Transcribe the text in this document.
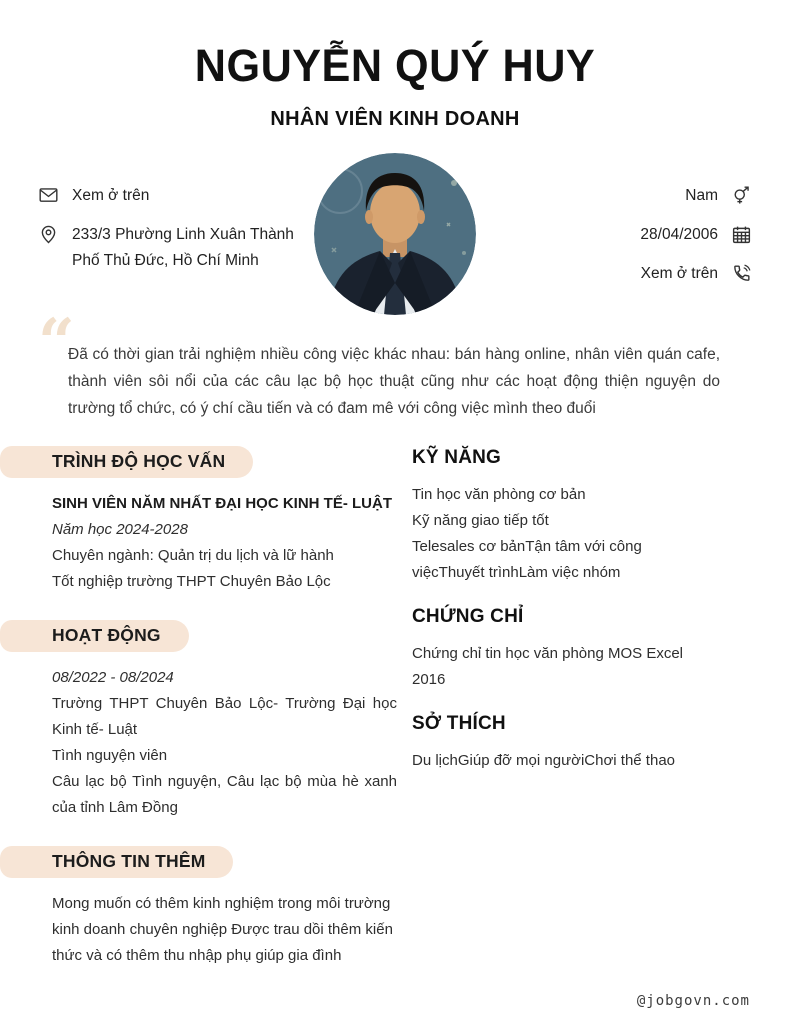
NGUYỄN QUÝ HUY
NHÂN VIÊN KINH DOANH
Xem ở trên
233/3 Phường Linh Xuân Thành Phố Thủ Đức, Hồ Chí Minh
Nam
28/04/2006
Xem ở trên
“

Đã có thời gian trải nghiệm nhiều công việc khác nhau: bán hàng online, nhân viên quán cafe, thành viên sôi nổi của các câu lạc bộ học thuật cũng như các hoạt động thiện nguyện do trường tổ chức, có ý chí cầu tiến và có đam mê với công việc mình theo đuổi

TRÌNH ĐỘ HỌC VẤN
SINH VIÊN NĂM NHẤT ĐẠI HỌC KINH TẾ- LUẬT
Năm học 2024-2028
Chuyên ngành: Quản trị du lịch và lữ hành
Tốt nghiệp trường THPT Chuyên Bảo Lộc
HOẠT ĐỘNG
08/2022 - 08/2024
Trường THPT Chuyên Bảo Lộc- Trường Đại học Kinh tế- Luật
Tình nguyện viên
Câu lạc bộ Tình nguyện, Câu lạc bộ mùa hè xanh của tỉnh Lâm Đồng
THÔNG TIN THÊM
Mong muốn có thêm kinh nghiệm trong môi trường kinh doanh chuyên nghiệp Được trau dồi thêm kiến thức và có thêm thu nhập phụ giúp gia đình
KỸ NĂNG
Tin học văn phòng cơ bản
Kỹ năng giao tiếp tốt
Telesales cơ bảnTận tâm với công việcThuyết trìnhLàm việc nhóm
CHỨNG CHỈ
Chứng chỉ tin học văn phòng MOS Excel 2016
SỞ THÍCH
Du lịchGiúp đỡ mọi ngườiChơi thể thao
@jobgovn.com
